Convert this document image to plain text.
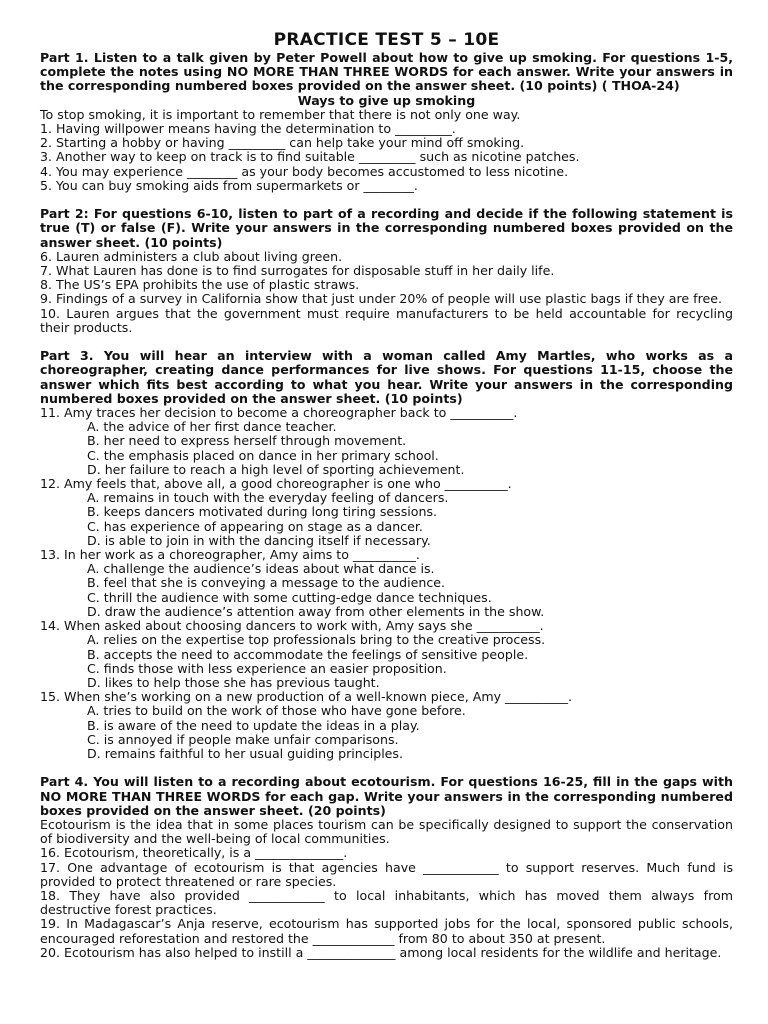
PRACTICE TEST 5 – 10E

Part 1. Listen to a talk given by Peter Powell about how to give up smoking. For questions 1-5, complete the notes using NO MORE THAN THREE WORDS for each answer. Write your answers in the corresponding numbered boxes provided on the answer sheet. (10 points) ( THOA-24)

Ways to give up smoking

To stop smoking, it is important to remember that there is not only one way.

1. Having willpower means having the determination to _________.

2. Starting a hobby or having _________ can help take your mind off smoking.

3. Another way to keep on track is to find suitable _________ such as nicotine patches.

4. You may experience ________ as your body becomes accustomed to less nicotine.

5. You can buy smoking aids from supermarkets or ________.

Part 2: For questions 6-10, listen to part of a recording and decide if the following statement is true (T) or false (F). Write your answers in the corresponding numbered boxes provided on the answer sheet. (10 points)

6. Lauren administers a club about living green.

7. What Lauren has done is to find surrogates for disposable stuff in her daily life.

8. The US’s EPA prohibits the use of plastic straws.

9. Findings of a survey in California show that just under 20% of people will use plastic bags if they are free.

10. Lauren argues that the government must require manufacturers to be held accountable for recycling their products.

Part 3. You will hear an interview with a woman called Amy Martles, who works as a choreographer, creating dance performances for live shows. For questions 11-15, choose the answer which fits best according to what you hear. Write your answers in the corresponding numbered boxes provided on the answer sheet. (10 points)

11. Amy traces her decision to become a choreographer back to __________.

A. the advice of her first dance teacher.

B. her need to express herself through movement.

C. the emphasis placed on dance in her primary school.

D. her failure to reach a high level of sporting achievement.

12. Amy feels that, above all, a good choreographer is one who __________.

A. remains in touch with the everyday feeling of dancers.

B. keeps dancers motivated during long tiring sessions.

C. has experience of appearing on stage as a dancer.

D. is able to join in with the dancing itself if necessary.

13. In her work as a choreographer, Amy aims to __________.

A. challenge the audience’s ideas about what dance is.

B. feel that she is conveying a message to the audience.

C. thrill the audience with some cutting-edge dance techniques.

D. draw the audience’s attention away from other elements in the show.

14. When asked about choosing dancers to work with, Amy says she __________.

A. relies on the expertise top professionals bring to the creative process.

B. accepts the need to accommodate the feelings of sensitive people.

C. finds those with less experience an easier proposition.

D. likes to help those she has previous taught.

15. When she’s working on a new production of a well-known piece, Amy __________.

A. tries to build on the work of those who have gone before.

B. is aware of the need to update the ideas in a play.

C. is annoyed if people make unfair comparisons.

D. remains faithful to her usual guiding principles.

Part 4. You will listen to a recording about ecotourism. For questions 16-25, fill in the gaps with NO MORE THAN THREE WORDS for each gap. Write your answers in the corresponding numbered boxes provided on the answer sheet. (20 points)

Ecotourism is the idea that in some places tourism can be specifically designed to support the conservation of biodiversity and the well-being of local communities.

16. Ecotourism, theoretically, is a ______________.

17. One advantage of ecotourism is that agencies have ____________ to support reserves. Much fund is provided to protect threatened or rare species.

18. They have also provided ____________ to local inhabitants, which has moved them always from destructive forest practices.

19. In Madagascar’s Anja reserve, ecotourism has supported jobs for the local, sponsored public schools, encouraged reforestation and restored the _____________ from 80 to about 350 at present.

20. Ecotourism has also helped to instill a ______________ among local residents for the wildlife and heritage.
